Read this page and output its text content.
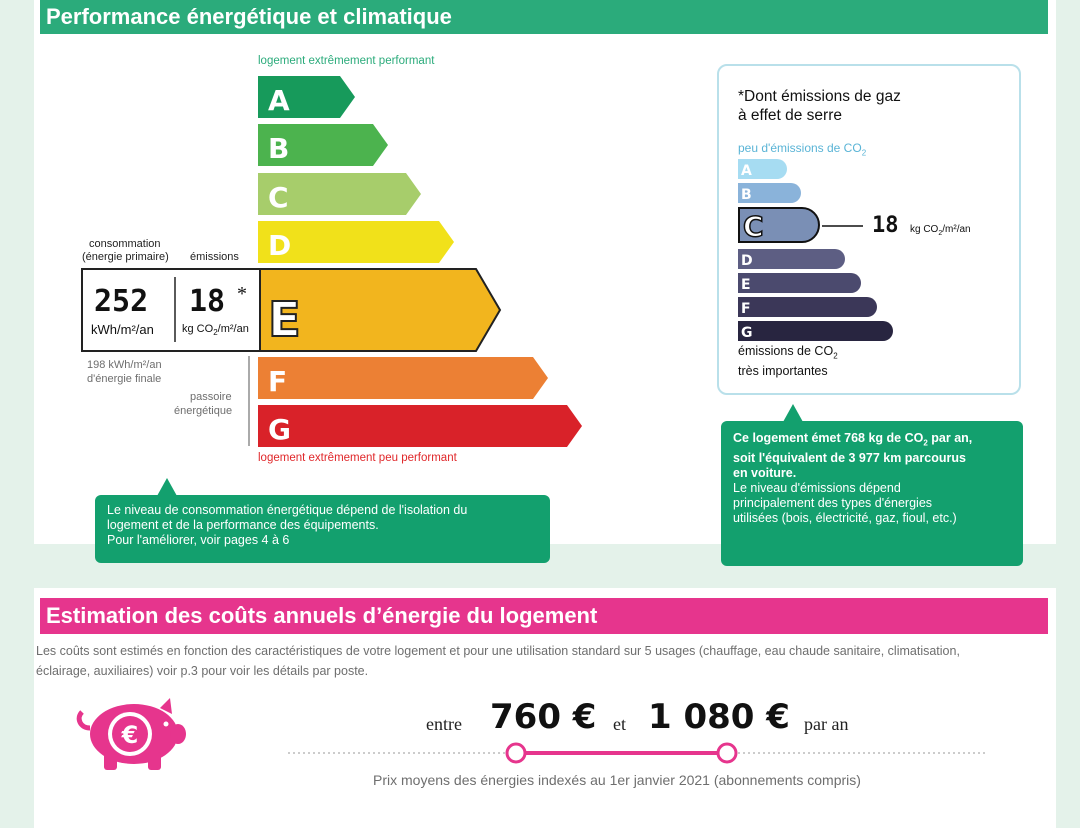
Performance énergétique et climatique
logement extrêmement performant
logement extrêmement peu performant
A
B
C
D
E
F
G
consommation
(énergie primaire) émissions
252
kWh/m²/an
18 *
kg $CO_2/m^2/an$
198 kWh/m²/an
d'énergie finale
passoire
énergétique
Le niveau de consommation énergétique dépend de l'isolation du
logement et de la performance des équipements.
Pour l'améliorer, voir pages 4 à 6
*Dont émissions de gaz
à effet de serre
peu d'émissions de $CO_2$
A
B
C
D
E
F
G
18 kg $CO_2/m^2/an$
émissions de $CO_2$
très importantes
Ce logement émet 768 kg de $CO_2$ par an,
soit l'équivalent de 3 977 km parcourus
en voiture.
Le niveau d'émissions dépend
principalement des types d'énergies
utilisées (bois, électricité, gaz, fioul, etc.)
Estimation des coûts annuels d’énergie du logement
Les coûts sont estimés en fonction des caractéristiques de votre logement et pour une utilisation standard sur 5 usages (chauffage, eau chaude sanitaire, climatisation,
éclairage, auxiliaires) voir p.3 pour voir les détails par poste.
€	entre 760 € et 1 080 € par an
Prix moyens des énergies indexés au 1er janvier 2021 (abonnements compris)
